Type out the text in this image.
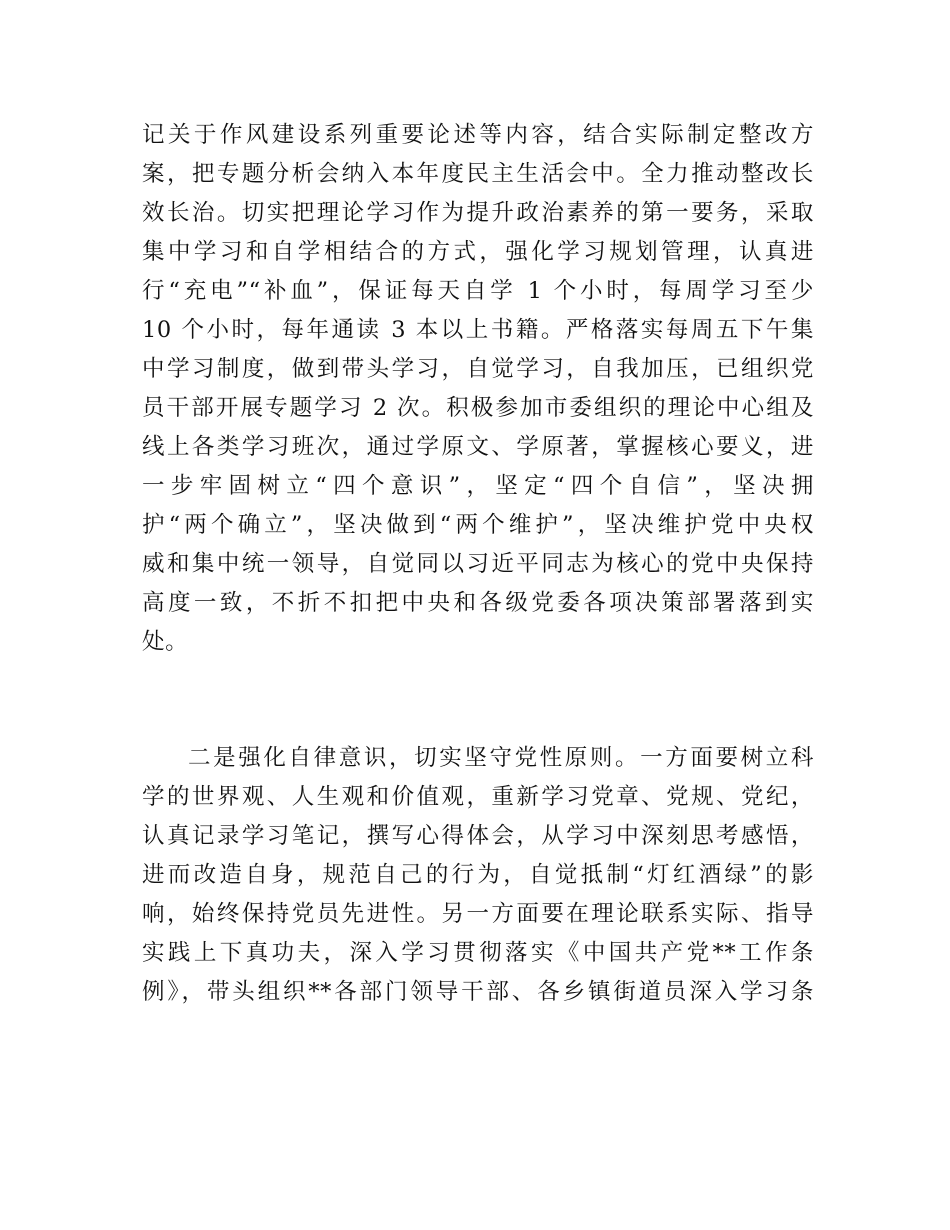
记关于作风建设系列重要论述等内容，结合实际制定整改方
案，把专题分析会纳入本年度民主生活会中。全力推动整改长
效长治。切实把理论学习作为提升政治素养的第一要务，采取
集中学习和自学相结合的方式，强化学习规划管理，认真进
行“充电”“补血”，保证每天自学 1 个小时，每周学习至少
10 个小时，每年通读 3 本以上书籍。严格落实每周五下午集
中学习制度，做到带头学习，自觉学习，自我加压，已组织党
员干部开展专题学习 2 次。积极参加市委组织的理论中心组及
线上各类学习班次，通过学原文、学原著，掌握核心要义，进
一步牢固树立“四个意识”，坚定“四个自信”，坚决拥
护“两个确立”，坚决做到“两个维护”，坚决维护党中央权
威和集中统一领导，自觉同以习近平同志为核心的党中央保持
高度一致，不折不扣把中央和各级党委各项决策部署落到实
处。
二是强化自律意识，切实坚守党性原则。一方面要树立科
学的世界观、人生观和价值观，重新学习党章、党规、党纪，
认真记录学习笔记，撰写心得体会，从学习中深刻思考感悟，
进而改造自身，规范自己的行为，自觉抵制“灯红酒绿”的影
响，始终保持党员先进性。另一方面要在理论联系实际、指导
实践上下真功夫，深入学习贯彻落实《中国共产党**工作条
例》，带头组织**各部门领导干部、各乡镇街道员深入学习条
